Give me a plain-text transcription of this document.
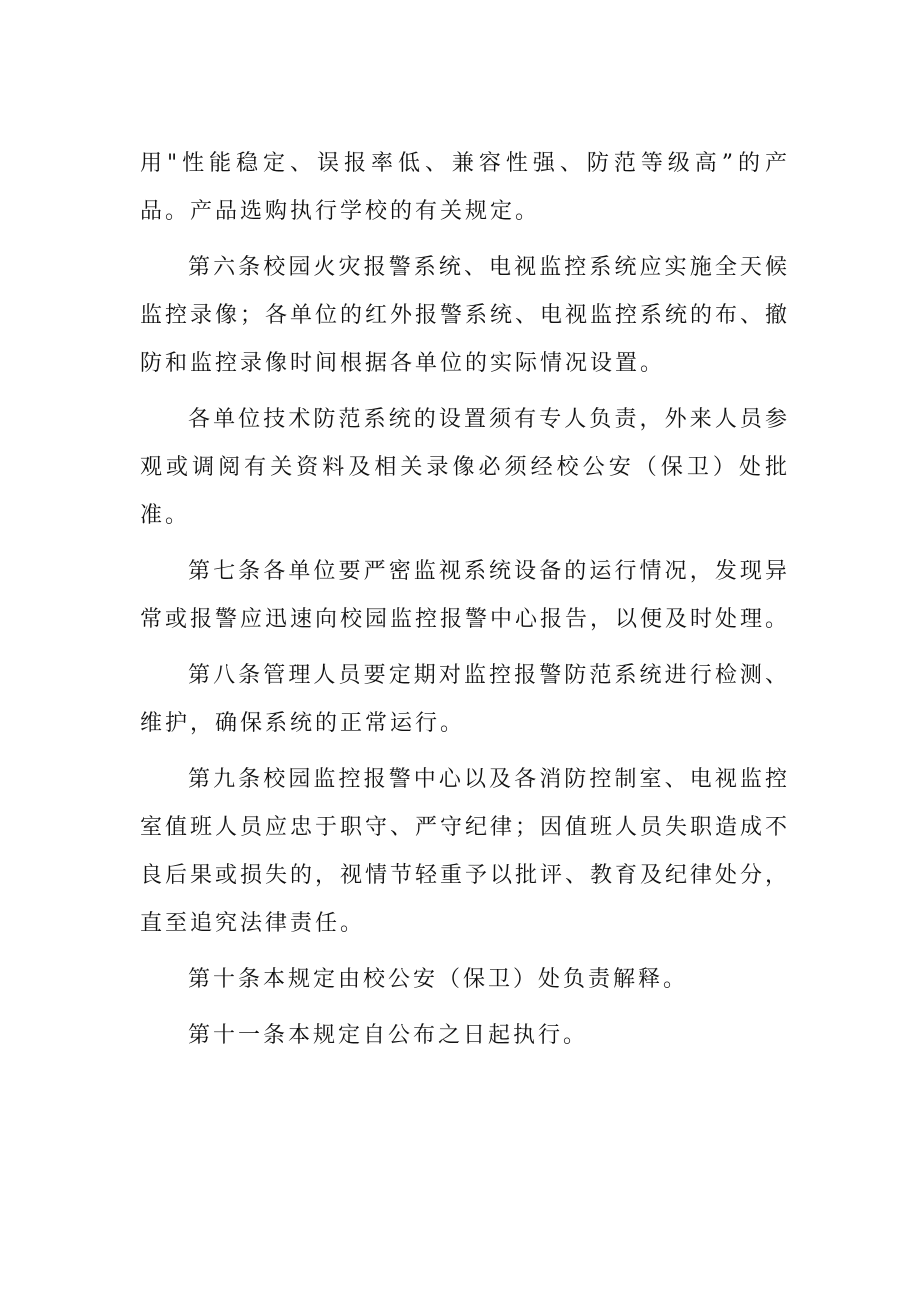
用"性能稳定、误报率低、兼容性强、防范等级高”的产品。产品选购执行学校的有关规定。

第六条校园火灾报警系统、电视监控系统应实施全天候监控录像；各单位的红外报警系统、电视监控系统的布、撤防和监控录像时间根据各单位的实际情况设置。

各单位技术防范系统的设置须有专人负责，外来人员参观或调阅有关资料及相关录像必须经校公安（保卫）处批准。

第七条各单位要严密监视系统设备的运行情况，发现异常或报警应迅速向校园监控报警中心报告，以便及时处理。

第八条管理人员要定期对监控报警防范系统进行检测、维护，确保系统的正常运行。

第九条校园监控报警中心以及各消防控制室、电视监控室值班人员应忠于职守、严守纪律；因值班人员失职造成不良后果或损失的，视情节轻重予以批评、教育及纪律处分，直至追究法律责任。

第十条本规定由校公安（保卫）处负责解释。

第十一条本规定自公布之日起执行。
